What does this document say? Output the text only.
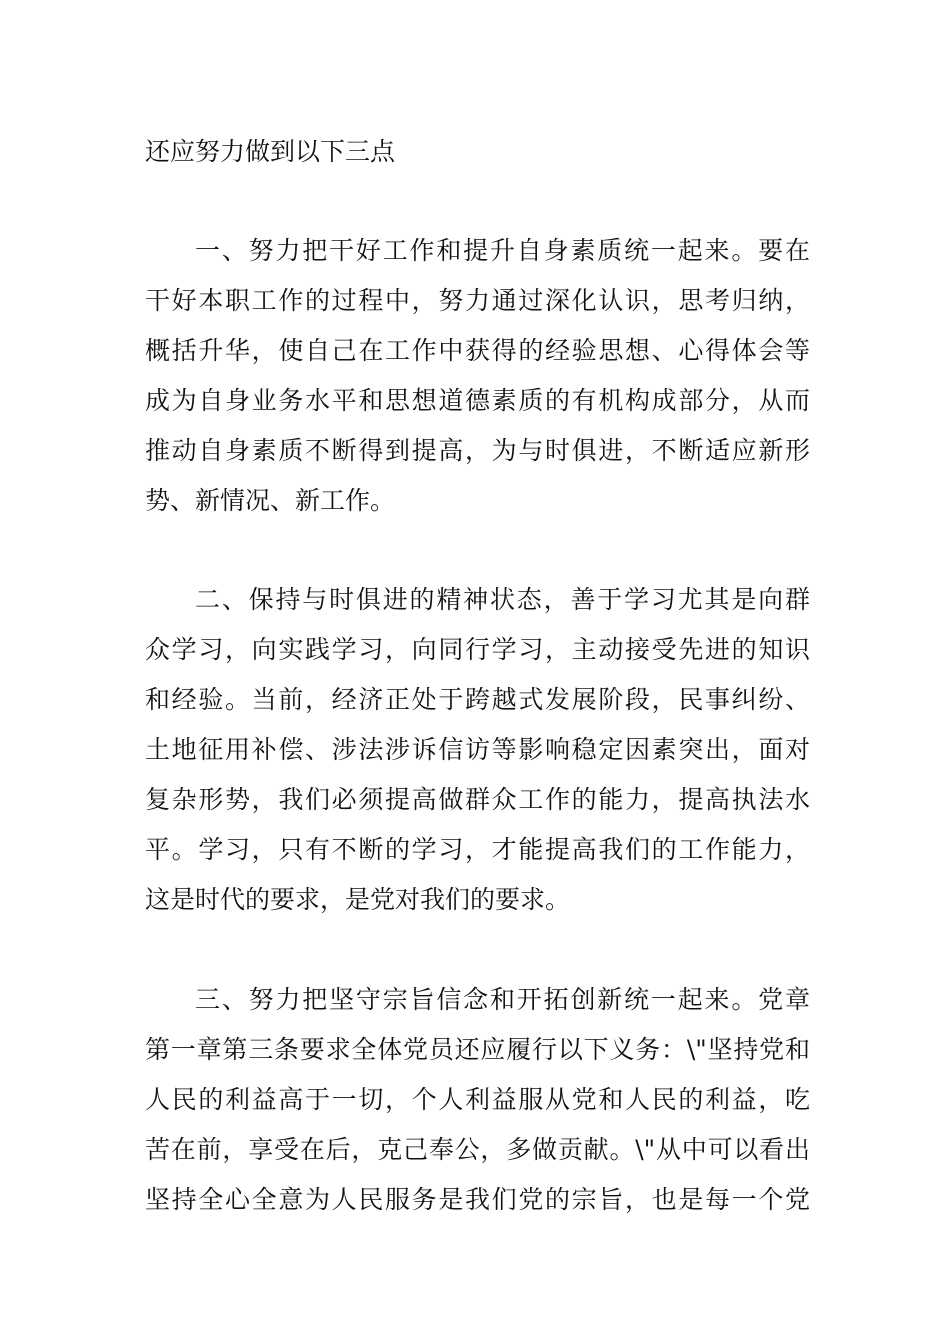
还应努力做到以下三点
一、努力把干好工作和提升自身素质统一起来。要在
干好本职工作的过程中，努力通过深化认识，思考归纳，
概括升华，使自己在工作中获得的经验思想、心得体会等
成为自身业务水平和思想道德素质的有机构成部分，从而
推动自身素质不断得到提高，为与时俱进，不断适应新形
势、新情况、新工作。
二、保持与时俱进的精神状态，善于学习尤其是向群
众学习，向实践学习，向同行学习，主动接受先进的知识
和经验。当前，经济正处于跨越式发展阶段，民事纠纷、
土地征用补偿、涉法涉诉信访等影响稳定因素突出，面对
复杂形势，我们必须提高做群众工作的能力，提高执法水
平。学习，只有不断的学习，才能提高我们的工作能力，
这是时代的要求，是党对我们的要求。
三、努力把坚守宗旨信念和开拓创新统一起来。党章
第一章第三条要求全体党员还应履行以下义务：\"坚持党和
人民的利益高于一切，个人利益服从党和人民的利益，吃
苦在前，享受在后，克己奉公，多做贡献。\"从中可以看出
坚持全心全意为人民服务是我们党的宗旨，也是每一个党
